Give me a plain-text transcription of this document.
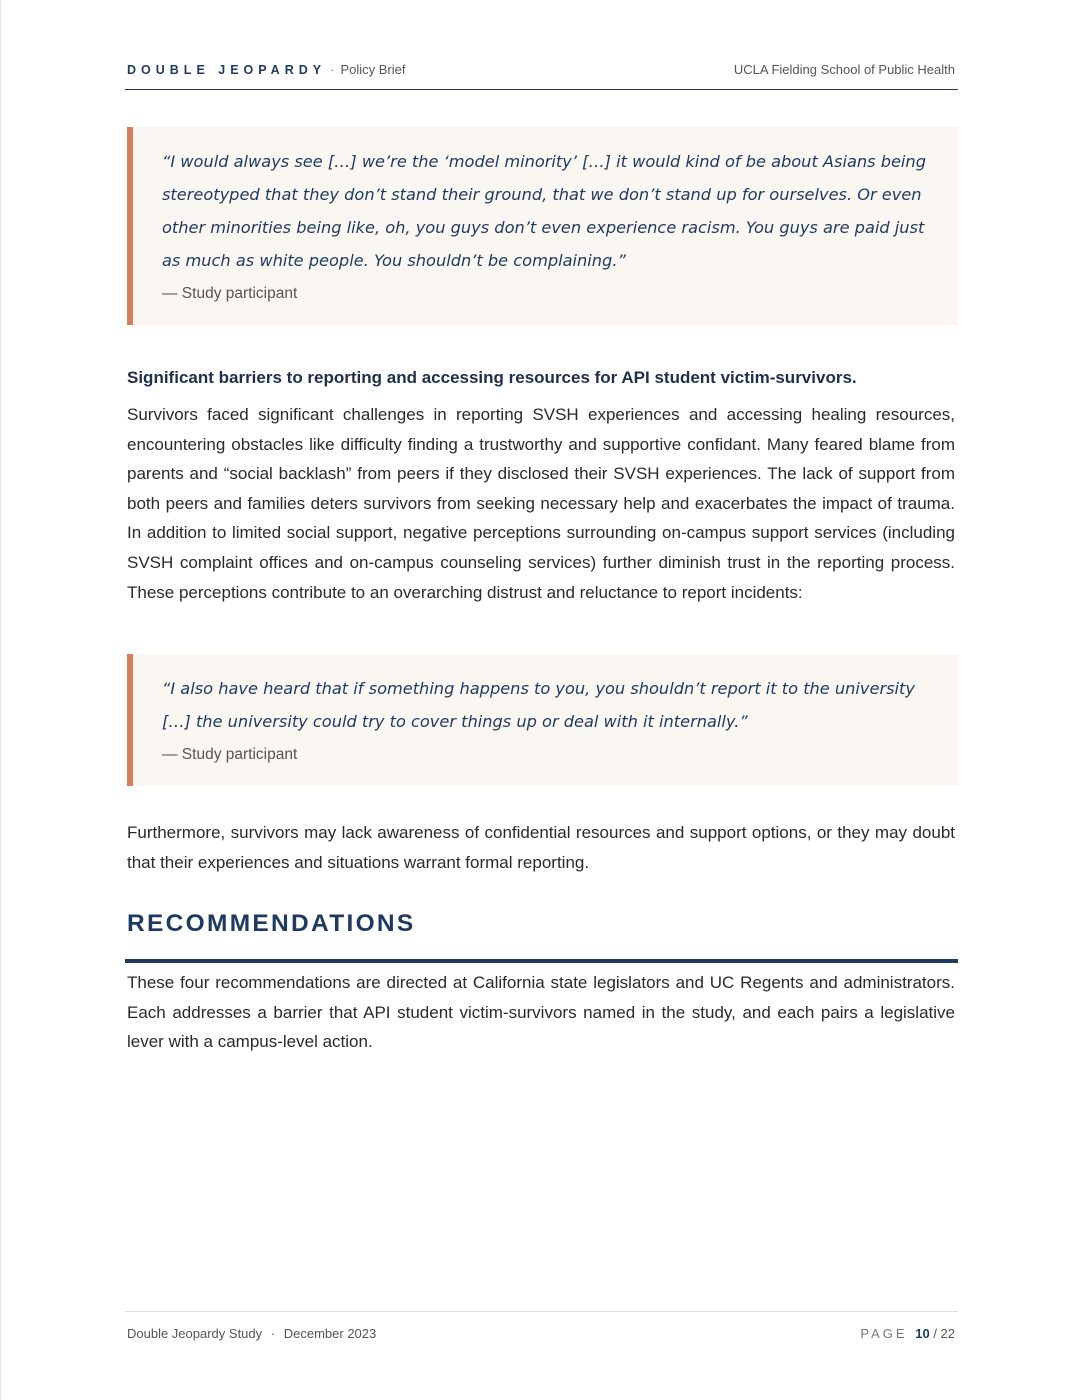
DOUBLE JEOPARDY · Policy Brief	UCLA Fielding School of Public Health

“I would always see […] we’re the ‘model minority’ […] it would kind of be about Asians being stereotyped that they don’t stand their ground, that we don’t stand up for ourselves. Or even other minorities being like, oh, you guys don’t even experience racism. You guys are paid just as much as white people. You shouldn’t be complaining.”

— Study participant

Significant barriers to reporting and accessing resources for API student victim-survivors.

Survivors faced significant challenges in reporting SVSH experiences and accessing healing resources, encountering obstacles like difficulty finding a trustworthy and supportive confidant. Many feared blame from parents and “social backlash” from peers if they disclosed their SVSH experiences. The lack of support from both peers and families deters survivors from seeking necessary help and exacerbates the impact of trauma. In addition to limited social support, negative perceptions surrounding on-campus support services (including SVSH complaint offices and on-campus counseling services) further diminish trust in the reporting process. These perceptions contribute to an overarching distrust and reluctance to report incidents:

“I also have heard that if something happens to you, you shouldn’t report it to the university […] the university could try to cover things up or deal with it internally.”

— Study participant

Furthermore, survivors may lack awareness of confidential resources and support options, or they may doubt that their experiences and situations warrant formal reporting.

RECOMMENDATIONS

These four recommendations are directed at California state legislators and UC Regents and administrators. Each addresses a barrier that API student victim-survivors named in the study, and each pairs a legislative lever with a campus-level action.

Double Jeopardy Study · December 2023	PAGE 10 / 22
